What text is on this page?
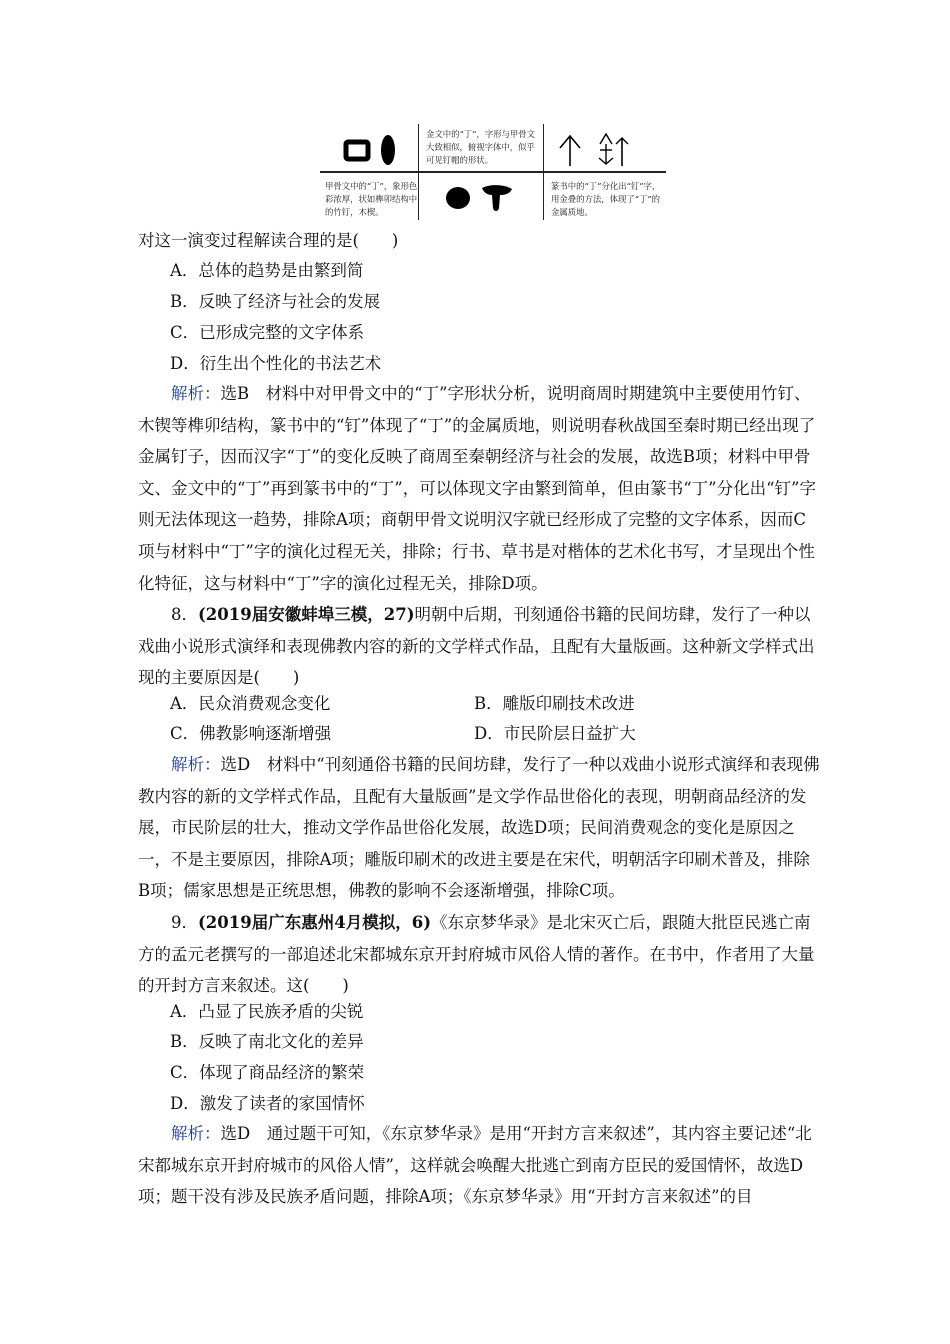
甲骨文中的“丁”，象形色彩浓厚，状如榫卯结构中的竹钉，木楔。
金文中的“丁”，字形与甲骨文大致相似，俯视字体中，似乎可见钉帽的形状。
篆书中的“丁”分化出“钉”字，用金叠的方法，体现了“丁”的金属质地。
对这一演变过程解读合理的是(　　)
A．总体的趋势是由繁到简
B．反映了经济与社会的发展
C．已形成完整的文字体系
D．衍生出个性化的书法艺术
解析：选B　材料中对甲骨文中的“丁”字形状分析，说明商周时期建筑中主要使用竹钉、木锲等榫卯结构，篆书中的“钉”体现了“丁”的金属质地，则说明春秋战国至秦时期已经出现了金属钉子，因而汉字“丁”的变化反映了商周至秦朝经济与社会的发展，故选B项；材料中甲骨文、金文中的“丁”再到篆书中的“丁”，可以体现文字由繁到简单，但由篆书“丁”分化出“钉”字则无法体现这一趋势，排除A项；商朝甲骨文说明汉字就已经形成了完整的文字体系，因而C项与材料中“丁”字的演化过程无关，排除；行书、草书是对楷体的艺术化书写，才呈现出个性化特征，这与材料中“丁”字的演化过程无关，排除D项。
8．(2019届安徽蚌埠三模，27)明朝中后期，刊刻通俗书籍的民间坊肆，发行了一种以戏曲小说形式演绎和表现佛教内容的新的文学样式作品，且配有大量版画。这种新文学样式出现的主要原因是(　　)
A．民众消费观念变化	B．雕版印刷技术改进
C．佛教影响逐渐增强	D．市民阶层日益扩大
解析：选D　材料中“刊刻通俗书籍的民间坊肆，发行了一种以戏曲小说形式演绎和表现佛教内容的新的文学样式作品，且配有大量版画”是文学作品世俗化的表现，明朝商品经济的发展，市民阶层的壮大，推动文学作品世俗化发展，故选D项；民间消费观念的变化是原因之一，不是主要原因，排除A项；雕版印刷术的改进主要是在宋代，明朝活字印刷术普及，排除B项；儒家思想是正统思想，佛教的影响不会逐渐增强，排除C项。
9．(2019届广东惠州4月模拟，6)《东京梦华录》是北宋灭亡后，跟随大批臣民逃亡南方的孟元老撰写的一部追述北宋都城东京开封府城市风俗人情的著作。在书中，作者用了大量的开封方言来叙述。这(　　)
A．凸显了民族矛盾的尖锐
B．反映了南北文化的差异
C．体现了商品经济的繁荣
D．激发了读者的家国情怀
解析：选D　通过题干可知，《东京梦华录》是用“开封方言来叙述”，其内容主要记述“北宋都城东京开封府城市的风俗人情”，这样就会唤醒大批逃亡到南方臣民的爱国情怀，故选D项；题干没有涉及民族矛盾问题，排除A项；《东京梦华录》用“开封方言来叙述”的目
